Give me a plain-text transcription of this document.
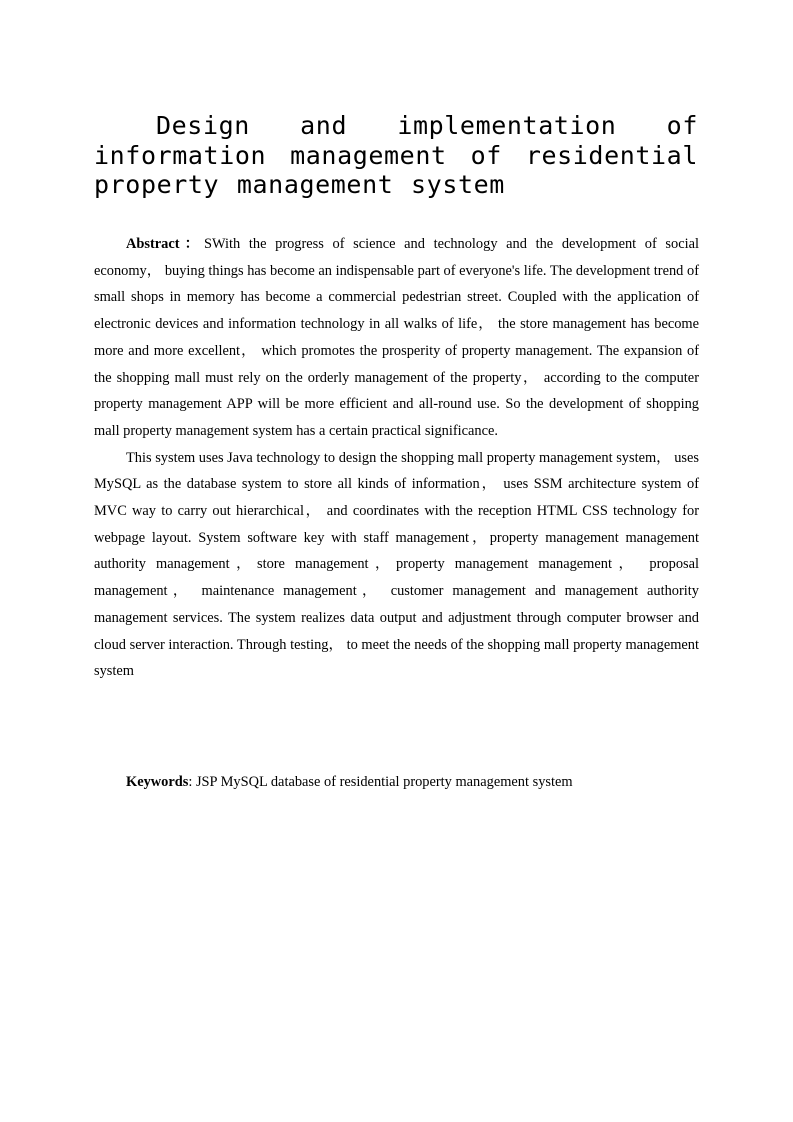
Design and implementation of information management of residential property management system

Abstract：SWith the progress of science and technology and the development of social economy， buying things has become an indispensable part of everyone's life. The development trend of small shops in memory has become a commercial pedestrian street. Coupled with the application of electronic devices and information technology in all walks of life， the store management has become more and more excellent， which promotes the prosperity of property management. The expansion of the shopping mall must rely on the orderly management of the property， according to the computer property management APP will be more efficient and all-round use. So the development of shopping mall property management system has a certain practical significance.

This system uses Java technology to design the shopping mall property management system， uses MySQL as the database system to store all kinds of information， uses SSM architecture system of MVC way to carry out hierarchical， and coordinates with the reception HTML CSS technology for webpage layout. System software key with staff management，property management management authority management，store management，property management management， proposal management， maintenance management， customer management and management authority management services. The system realizes data output and adjustment through computer browser and cloud server interaction. Through testing， to meet the needs of the shopping mall property management system

Keywords: JSP MySQL database of residential property management system
